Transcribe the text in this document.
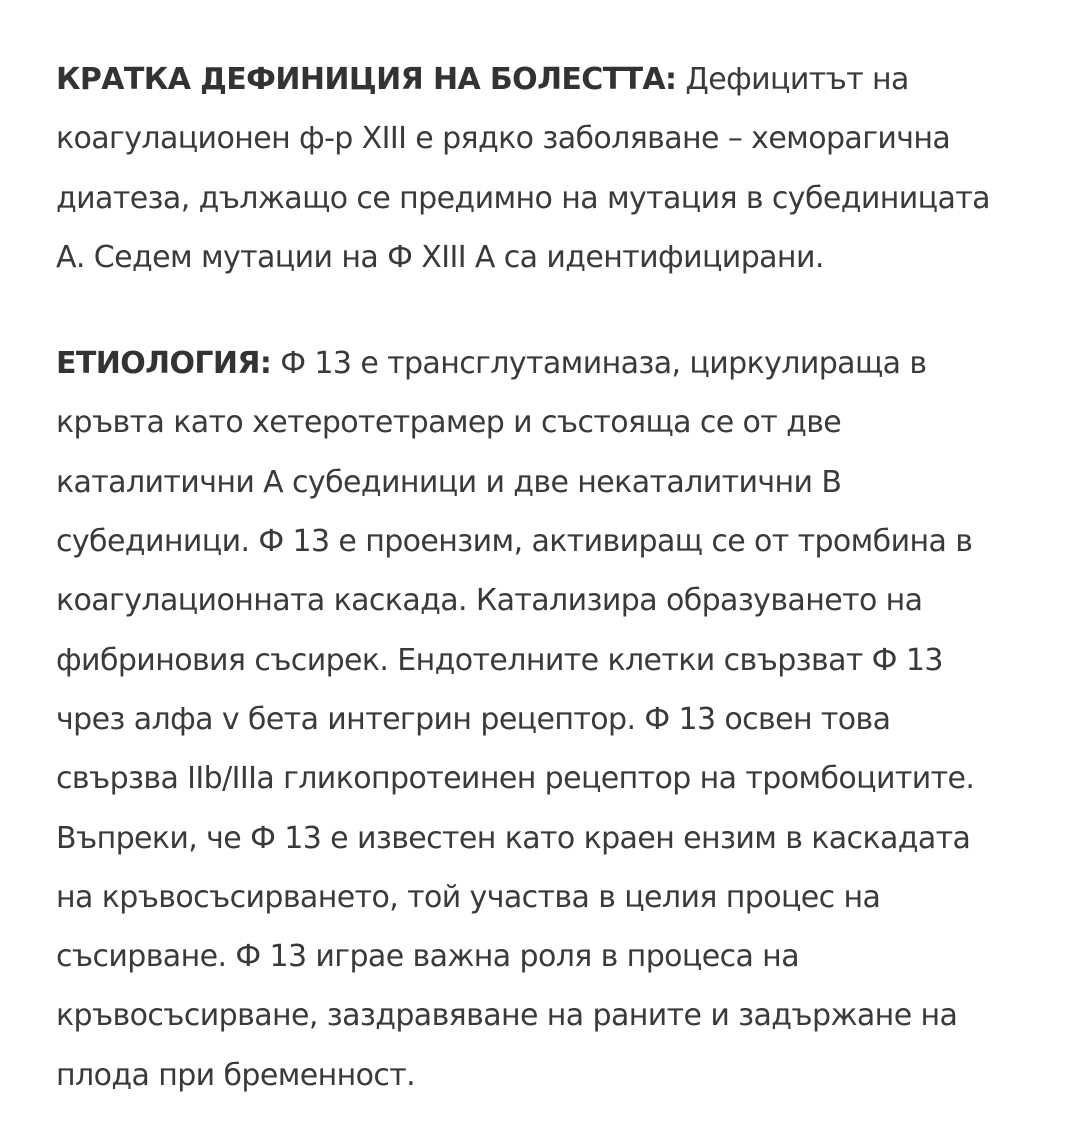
КРАТКА ДЕФИНИЦИЯ НА БОЛЕСТТА: Дефицитът на
коагулационен ф-р XIII е рядко заболяване – хеморагична
диатеза, дължащо се предимно на мутация в субединицата
А. Седем мутации на Ф XIII А са идентифицирани.

ЕТИОЛОГИЯ: Ф 13 е трансглутаминаза, циркулираща в
кръвта като хетеротетрамер и състояща се от две
каталитични А субединици и две некаталитични В
субединици. Ф 13 е проензим, активиращ се от тромбина в
коагулационната каскада. Катализира образуването на
фибриновия съсирек. Ендотелните клетки свързват Ф 13
чрез алфа v бета интегрин рецептор. Ф 13 освен това
свързва IIb/IIIa гликопротеинен рецептор на тромбоцитите.
Въпреки, че Ф 13 е известен като краен ензим в каскадата
на кръвосъсирването, той участва в целия процес на
съсирване. Ф 13 играе важна роля в процеса на
кръвосъсирване, заздравяване на раните и задържане на
плода при бременност.
